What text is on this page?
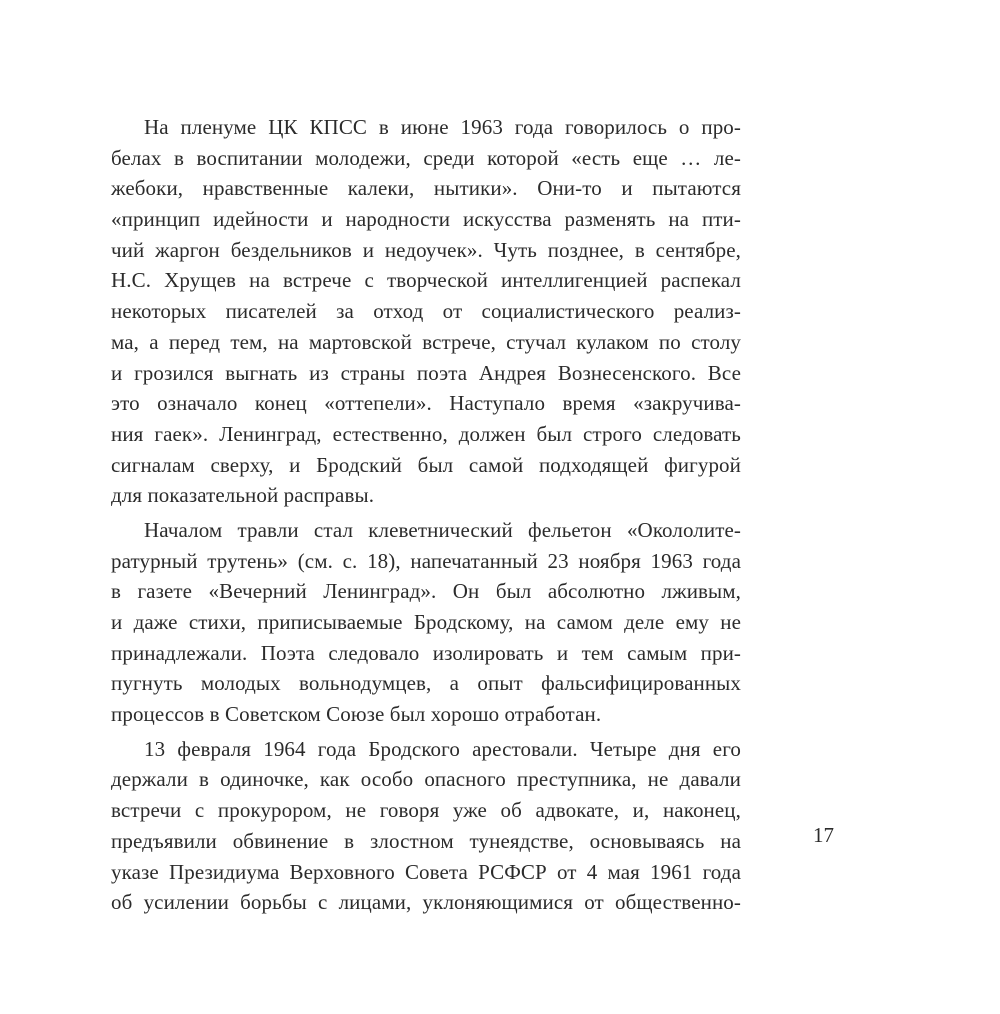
На пленуме ЦК КПСС в июне 1963 года говорилось о про-
белах в воспитании молодежи, среди которой «есть еще … ле-
жебоки, нравственные калеки, нытики». Они-то и пытаются
«принцип идейности и народности искусства разменять на пти-
чий жаргон бездельников и недоучек». Чуть позднее, в сентябре,
Н.С. Хрущев на встрече с творческой интеллигенцией распекал
некоторых писателей за отход от социалистического реализ-
ма, а перед тем, на мартовской встрече, стучал кулаком по столу
и грозился выгнать из страны поэта Андрея Вознесенского. Все
это означало конец «оттепели». Наступало время «закручива-
ния гаек». Ленинград, естественно, должен был строго следовать
сигналам сверху, и Бродский был самой подходящей фигурой
для показательной расправы.

Началом травли стал клеветнический фельетон «Окололите-
ратурный трутень» (см. с. 18), напечатанный 23 ноября 1963 года
в газете «Вечерний Ленинград». Он был абсолютно лживым,
и даже стихи, приписываемые Бродскому, на самом деле ему не
принадлежали. Поэта следовало изолировать и тем самым при-
пугнуть молодых вольнодумцев, а опыт фальсифицированных
процессов в Советском Союзе был хорошо отработан.

13 февраля 1964 года Бродского арестовали. Четыре дня его
держали в одиночке, как особо опасного преступника, не давали
встречи с прокурором, не говоря уже об адвокате, и, наконец,
предъявили обвинение в злостном тунеядстве, основываясь на
указе Президиума Верховного Совета РСФСР от 4 мая 1961 года
об усилении борьбы с лицами, уклоняющимися от общественно-

17
